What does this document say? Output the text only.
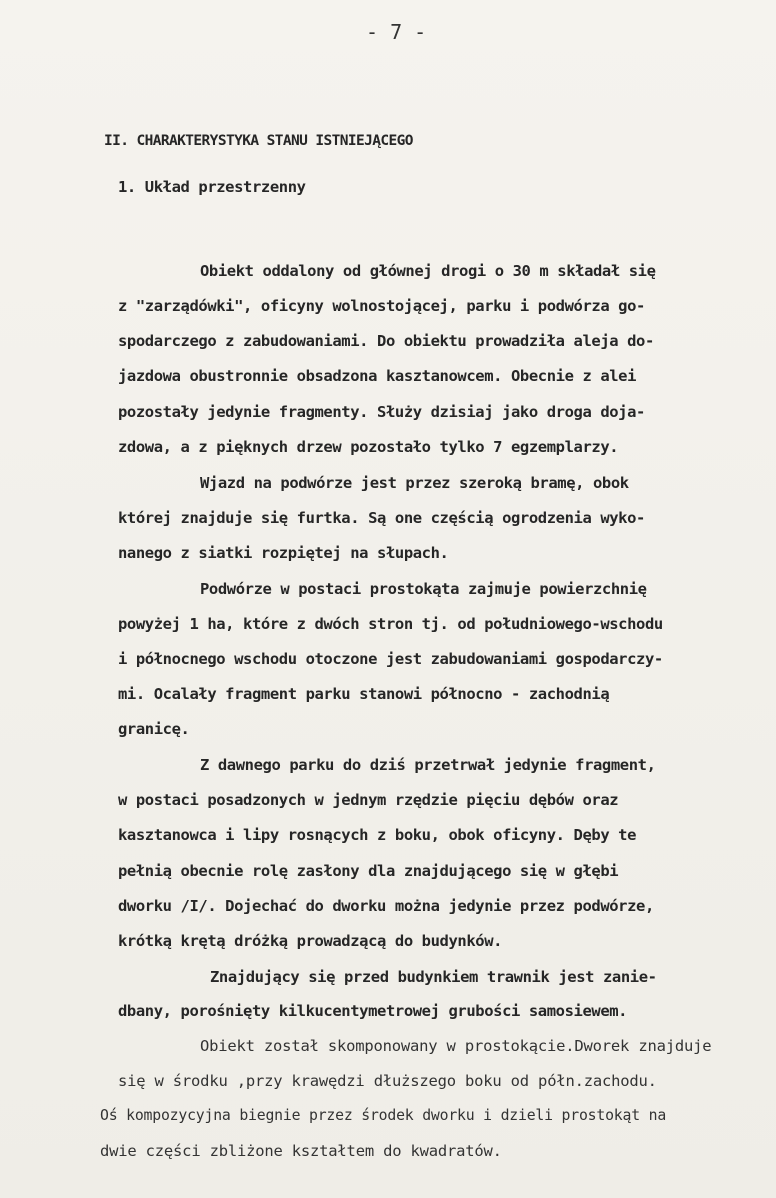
- 7 -
II. CHARAKTERYSTYKA STANU ISTNIEJĄCEGO
1. Układ przestrzenny
Obiekt oddalony od głównej drogi o 30 m składał się
z "zarządówki", oficyny wolnostojącej, parku i podwórza go-
spodarczego z zabudowaniami. Do obiektu prowadziła aleja do-
jazdowa obustronnie obsadzona kasztanowcem. Obecnie z alei
pozostały jedynie fragmenty. Służy dzisiaj jako droga doja-
zdowa, a z pięknych drzew pozostało tylko 7 egzemplarzy.
Wjazd na podwórze jest przez szeroką bramę, obok
której znajduje się furtka. Są one częścią ogrodzenia wyko-
nanego z siatki rozpiętej na słupach.
Podwórze w postaci prostokąta zajmuje powierzchnię
powyżej 1 ha, które z dwóch stron tj. od południowego-wschodu
i północnego wschodu otoczone jest zabudowaniami gospodarczy-
mi. Ocalały fragment parku stanowi północno - zachodnią
granicę.
Z dawnego parku do dziś przetrwał jedynie fragment,
w postaci posadzonych w jednym rzędzie pięciu dębów oraz
kasztanowca i lipy rosnących z boku, obok oficyny. Dęby te
pełnią obecnie rolę zasłony dla znajdującego się w głębi
dworku /I/. Dojechać do dworku można jedynie przez podwórze,
krótką krętą dróżką prowadzącą do budynków.
Znajdujący się przed budynkiem trawnik jest zanie-
dbany, porośnięty kilkucentymetrowej grubości samosiewem.
Obiekt został skomponowany w prostokącie.Dworek znajduje
się w środku ,przy krawędzi dłuższego boku od półn.zachodu.
Oś kompozycyjna biegnie przez środek dworku i dzieli prostokąt na
dwie części zbliżone kształtem do kwadratów.
